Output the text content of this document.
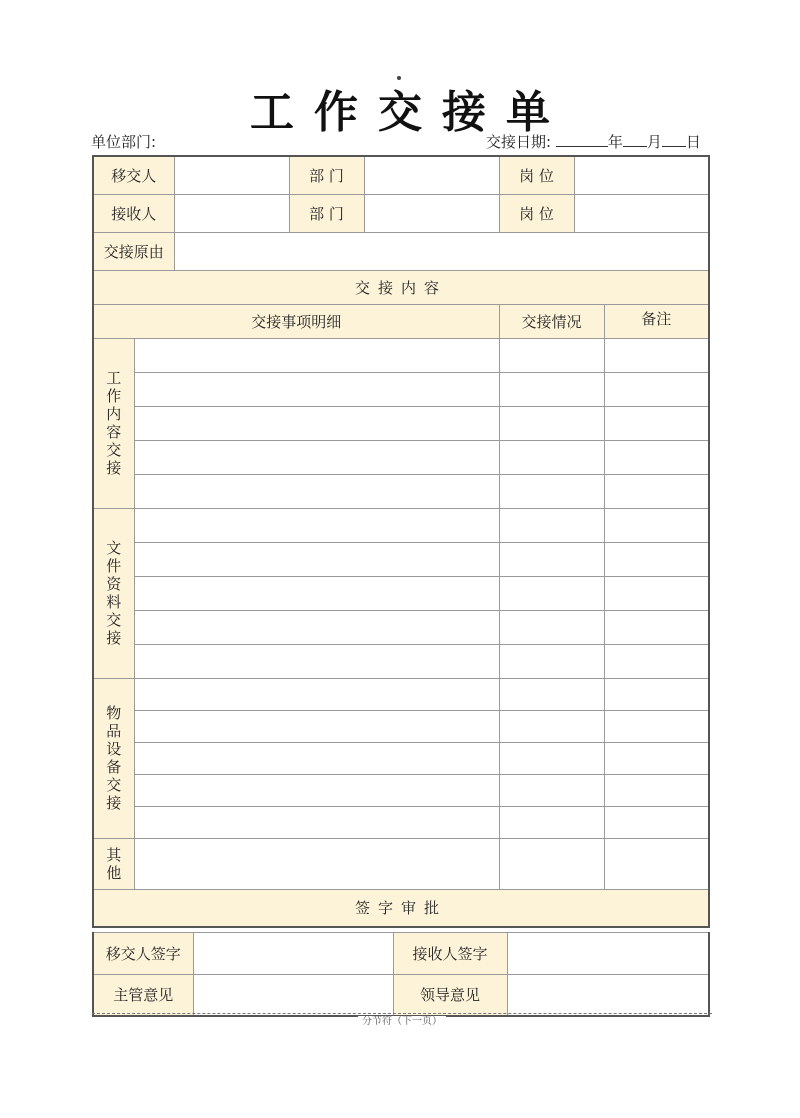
工作交接单
单位部门:	交接日期:	年 月 日
移交人			部 门		岗 位		
接收人			部 门		岗 位		
交接原由							
交接内容							
交接事项明细					交接情况		备注

工作内容交接							

文件资料交接							

物品设备交接							

其他							

签字审批							
移交人签字		接收人签字	
主管意见		领导意见	
分节符（下一页）
